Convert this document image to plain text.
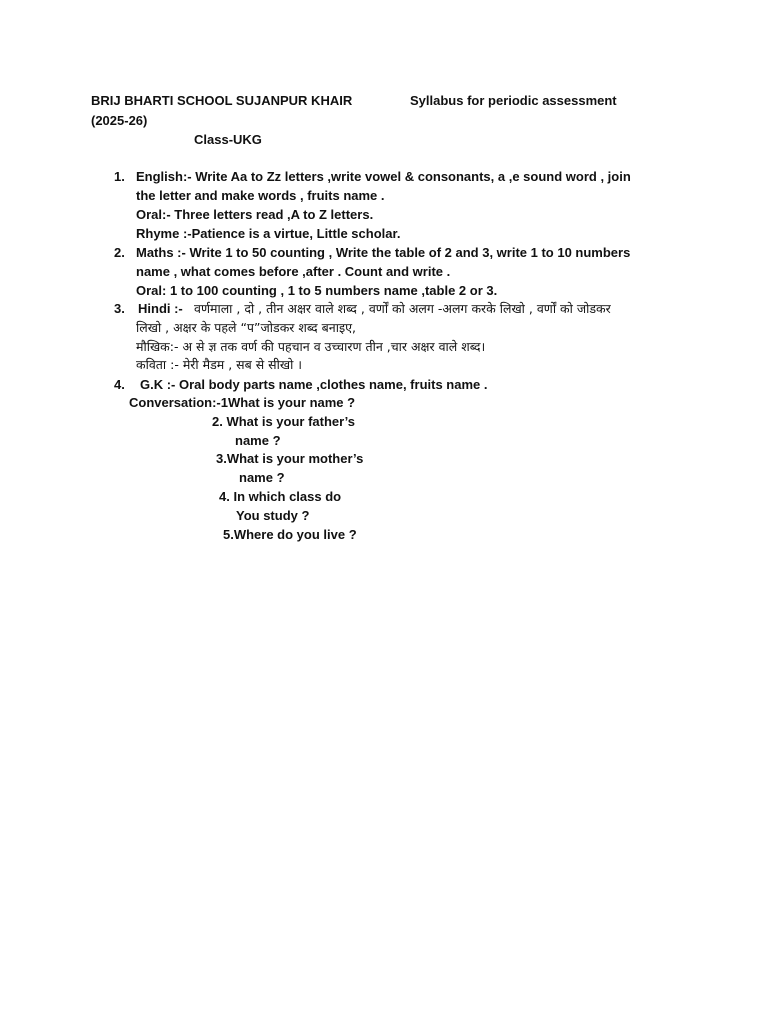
BRIJ BHARTI SCHOOL SUJANPUR KHAIR	Syllabus for periodic assessment
(2025-26)
Class-UKG
1. English:- Write Aa to Zz letters ,write vowel & consonants, a ,e sound word , join
the letter and make words , fruits name .
Oral:- Three letters read ,A to Z letters.
Rhyme :-Patience is a virtue, Little scholar.
2. Maths :- Write 1 to 50 counting , Write the table of 2 and 3, write 1 to 10 numbers
name , what comes before ,after . Count and write .
Oral: 1 to 100 counting , 1 to 5 numbers name ,table 2 or 3.
3. Hindi :- वर्णमाला , दो , तीन अक्षर वाले शब्द , वर्णों को अलग -अलग करके लिखो , वर्णों को जोडकर
लिखो , अक्षर के पहले “प”जोडकर शब्द बनाइए,
मौखिक:- अ से ज्ञ तक वर्ण की पहचान व उच्चारण तीन ,चार अक्षर वाले शब्द।
कविता :- मेरी मैडम , सब से सीखो ।
4. G.K :- Oral body parts name ,clothes name, fruits name .
Conversation:-1What is your name ?
2. What is your father’s
name ?
3.What is your mother’s
name ?
4. In which class do
You study ?
5.Where do you live ?
